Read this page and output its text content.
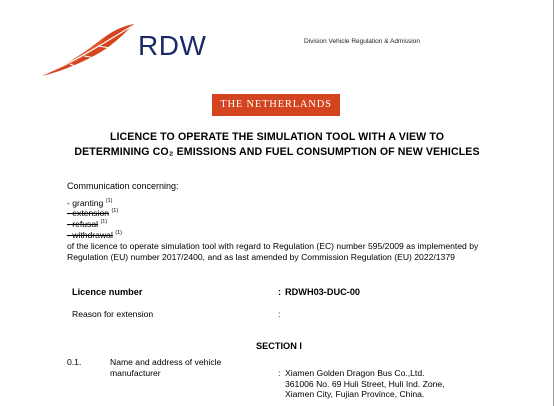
RDW	Division Vehicle Regulation & Admission
THE NETHERLANDS
LICENCE TO OPERATE THE SIMULATION TOOL WITH A VIEW TO
DETERMINING CO₂ EMISSIONS AND FUEL CONSUMPTION OF NEW VEHICLES
Communication concerning:
- granting $^{(1)}$
- extension $^{(1)}$
- refusal $^{(1)}$
- withdrawal $^{(1)}$
of the licence to operate simulation tool with regard to Regulation (EC) number 595/2009 as implemented by Regulation (EU) number 2017/2400, and as last amended by Commission Regulation (EU) 2022/1379
Licence number	: RDWH03-DUC-00
Reason for extension	:
SECTION I
0.1.	Name and address of vehicle manufacturer	: Xiamen Golden Dragon Bus Co.,Ltd.
361006 No. 69 Huli Street, Huli Ind. Zone,
Xiamen City, Fujian Province, China.
